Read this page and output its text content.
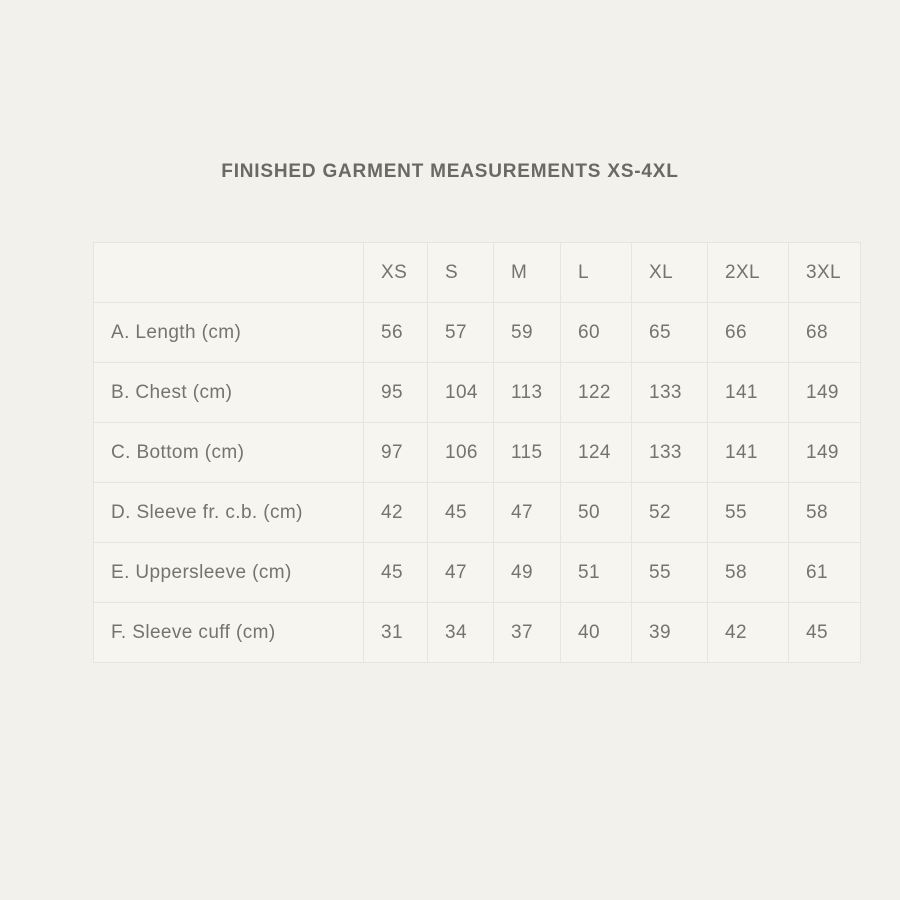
FINISHED GARMENT MEASUREMENTS XS-4XL
	XS	S	M	L	XL	2XL	3XL
A. Length (cm)	56	57	59	60	65	66	68
B. Chest (cm)	95	104	113	122	133	141	149
C. Bottom (cm)	97	106	115	124	133	141	149
D. Sleeve fr. c.b. (cm)	42	45	47	50	52	55	58
E. Uppersleeve (cm)	45	47	49	51	55	58	61
F. Sleeve cuff (cm)	31	34	37	40	39	42	45
